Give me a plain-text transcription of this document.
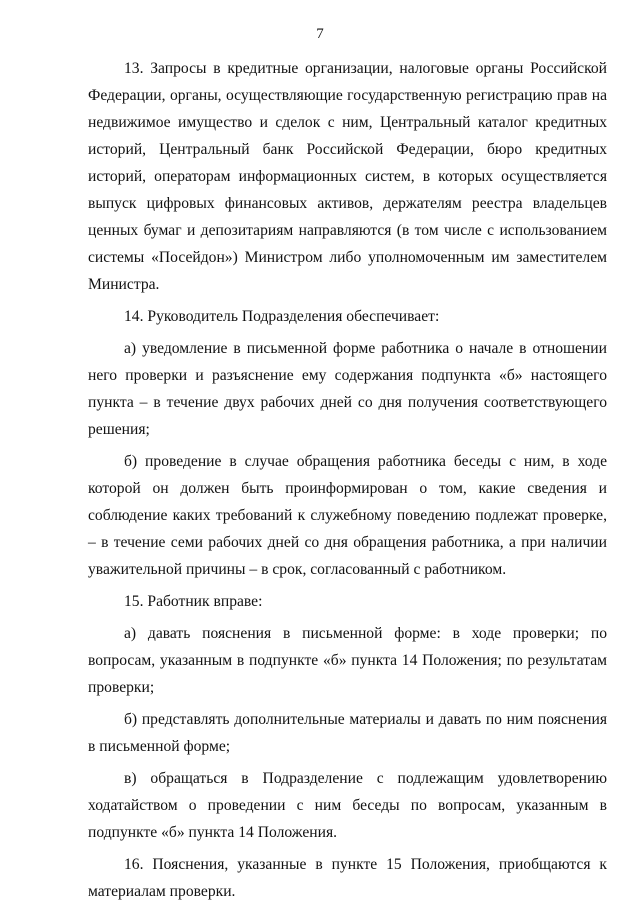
7

13. Запросы в кредитные организации, налоговые органы Российской Федерации, органы, осуществляющие государственную регистрацию прав на недвижимое имущество и сделок с ним, Центральный каталог кредитных историй, Центральный банк Российской Федерации, бюро кредитных историй, операторам информационных систем, в которых осуществляется выпуск цифровых финансовых активов, держателям реестра владельцев ценных бумаг и депозитариям направляются (в том числе с использованием системы «Посейдон») Министром либо уполномоченным им заместителем Министра.

14. Руководитель Подразделения обеспечивает:

а) уведомление в письменной форме работника о начале в отношении него проверки и разъяснение ему содержания подпункта «б» настоящего пункта – в течение двух рабочих дней со дня получения соответствующего решения;

б) проведение в случае обращения работника беседы с ним, в ходе которой он должен быть проинформирован о том, какие сведения и соблюдение каких требований к служебному поведению подлежат проверке, – в течение семи рабочих дней со дня обращения работника, а при наличии уважительной причины – в срок, согласованный с работником.

15. Работник вправе:

а) давать пояснения в письменной форме: в ходе проверки; по вопросам, указанным в подпункте «б» пункта 14 Положения; по результатам проверки;

б) представлять дополнительные материалы и давать по ним пояснения в письменной форме;

в) обращаться в Подразделение с подлежащим удовлетворению ходатайством о проведении с ним беседы по вопросам, указанным в подпункте «б» пункта 14 Положения.

16. Пояснения, указанные в пункте 15 Положения, приобщаются к материалам проверки.
